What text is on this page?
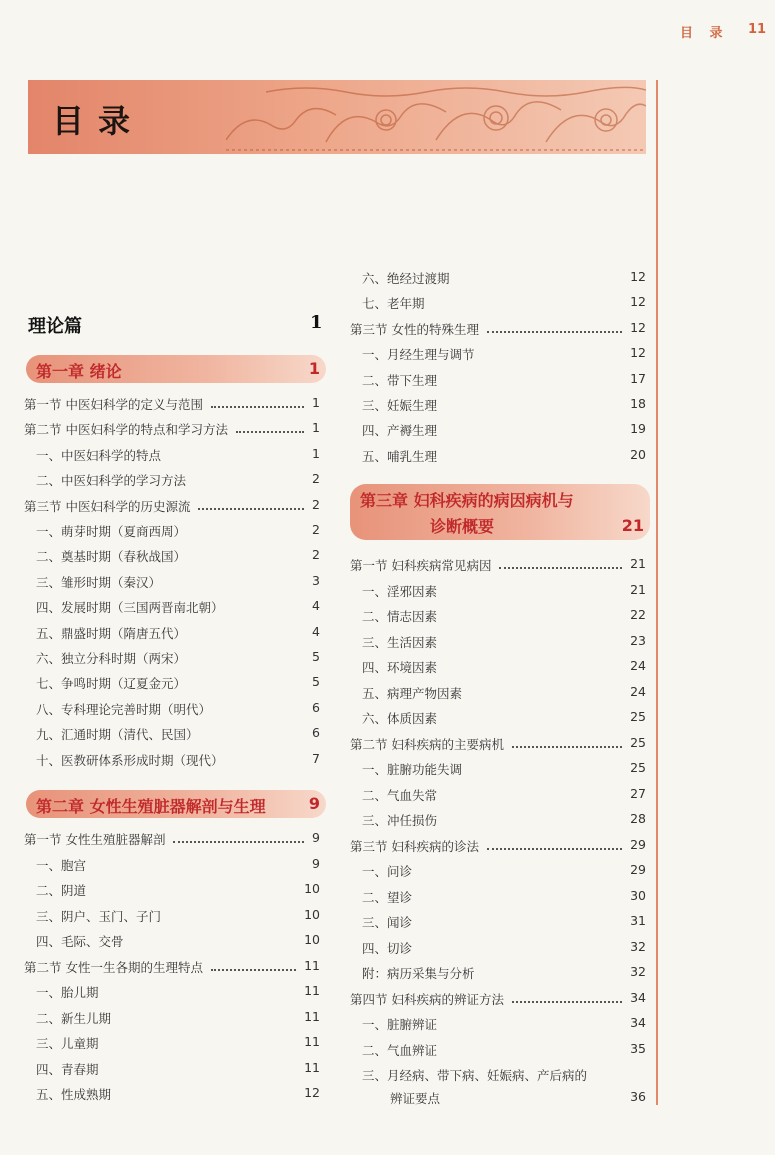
目 录 11
目录
理论篇	1
第一章 绪论	1
第一节 中医妇科学的定义与范围	1
第二节 中医妇科学的特点和学习方法	1
一、中医妇科学的特点	1
二、中医妇科学的学习方法	2
第三节 中医妇科学的历史源流	2
一、萌芽时期（夏商西周）	2
二、奠基时期（春秋战国）	2
三、雏形时期（秦汉）	3
四、发展时期（三国两晋南北朝）	4
五、鼎盛时期（隋唐五代）	4
六、独立分科时期（两宋）	5
七、争鸣时期（辽夏金元）	5
八、专科理论完善时期（明代）	6
九、汇通时期（清代、民国）	6
十、医教研体系形成时期（现代）	7
第二章 女性生殖脏器解剖与生理	9
第一节 女性生殖脏器解剖	9
一、胞宫	9
二、阴道	10
三、阴户、玉门、子门	10
四、毛际、交骨	10
第二节 女性一生各期的生理特点	11
一、胎儿期	11
二、新生儿期	11
三、儿童期	11
四、青春期	11
五、性成熟期	12
六、绝经过渡期	12
七、老年期	12
第三节 女性的特殊生理	12
一、月经生理与调节	12
二、带下生理	17
三、妊娠生理	18
四、产褥生理	19
五、哺乳生理	20
第三章 妇科疾病的病因病机与
诊断概要	21
第一节 妇科疾病常见病因	21
一、淫邪因素	21
二、情志因素	22
三、生活因素	23
四、环境因素	24
五、病理产物因素	24
六、体质因素	25
第二节 妇科疾病的主要病机	25
一、脏腑功能失调	25
二、气血失常	27
三、冲任损伤	28
第三节 妇科疾病的诊法	29
一、问诊	29
二、望诊	30
三、闻诊	31
四、切诊	32
附：病历采集与分析	32
第四节 妇科疾病的辨证方法	34
一、脏腑辨证	34
二、气血辨证	35
三、月经病、带下病、妊娠病、产后病的
辨证要点	36
